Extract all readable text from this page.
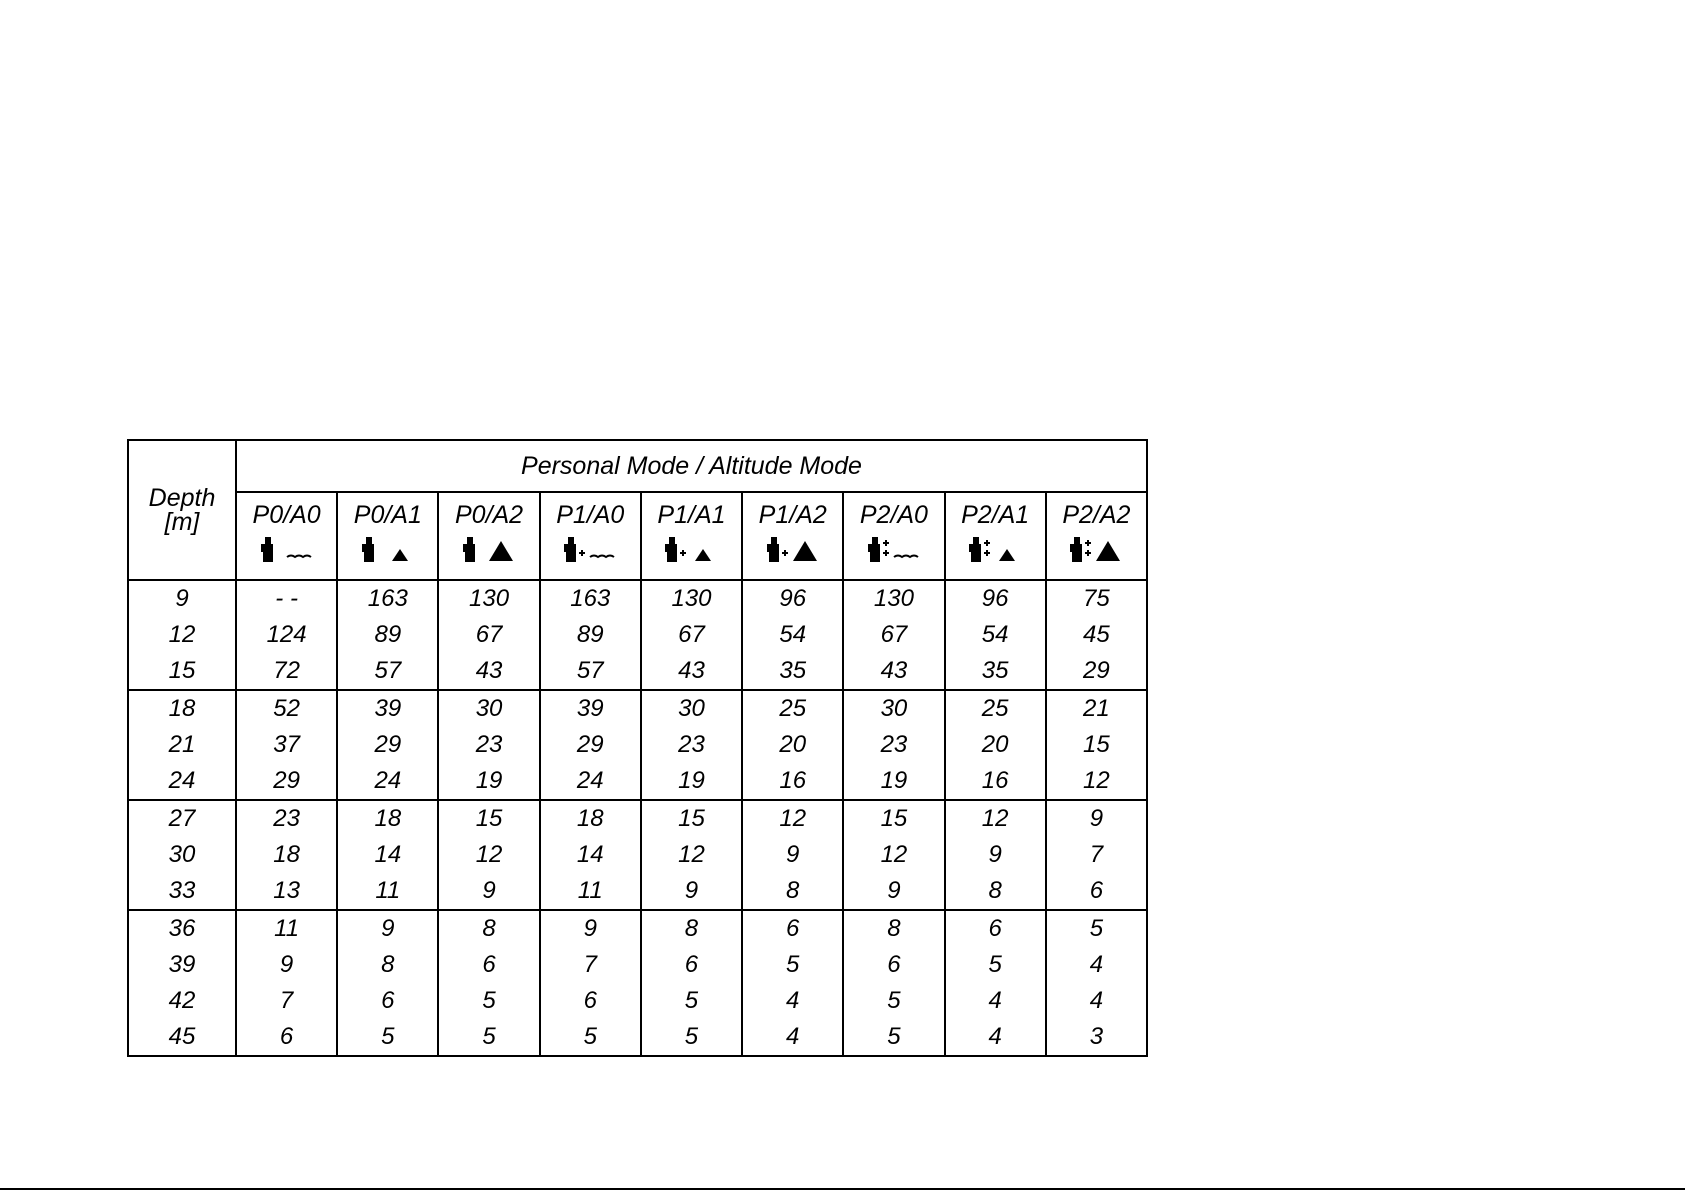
Depth
[m]	Personal Mode / Altitude Mode								

	P0/A0	P0/A1	P0/A2	P1/A0	P1/A1	P1/A2	P2/A0	P2/A1	P2/A2

9	- -	163	130	163	130	96	130	96	75
12	124	89	67	89	67	54	67	54	45
15	72	57	43	57	43	35	43	35	29
18	52	39	30	39	30	25	30	25	21
21	37	29	23	29	23	20	23	20	15
24	29	24	19	24	19	16	19	16	12
27	23	18	15	18	15	12	15	12	9
30	18	14	12	14	12	9	12	9	7
33	13	11	9	11	9	8	9	8	6
36	11	9	8	9	8	6	8	6	5
39	9	8	6	7	6	5	6	5	4
42	7	6	5	6	5	4	5	4	4
45	6	5	5	5	5	4	5	4	3
